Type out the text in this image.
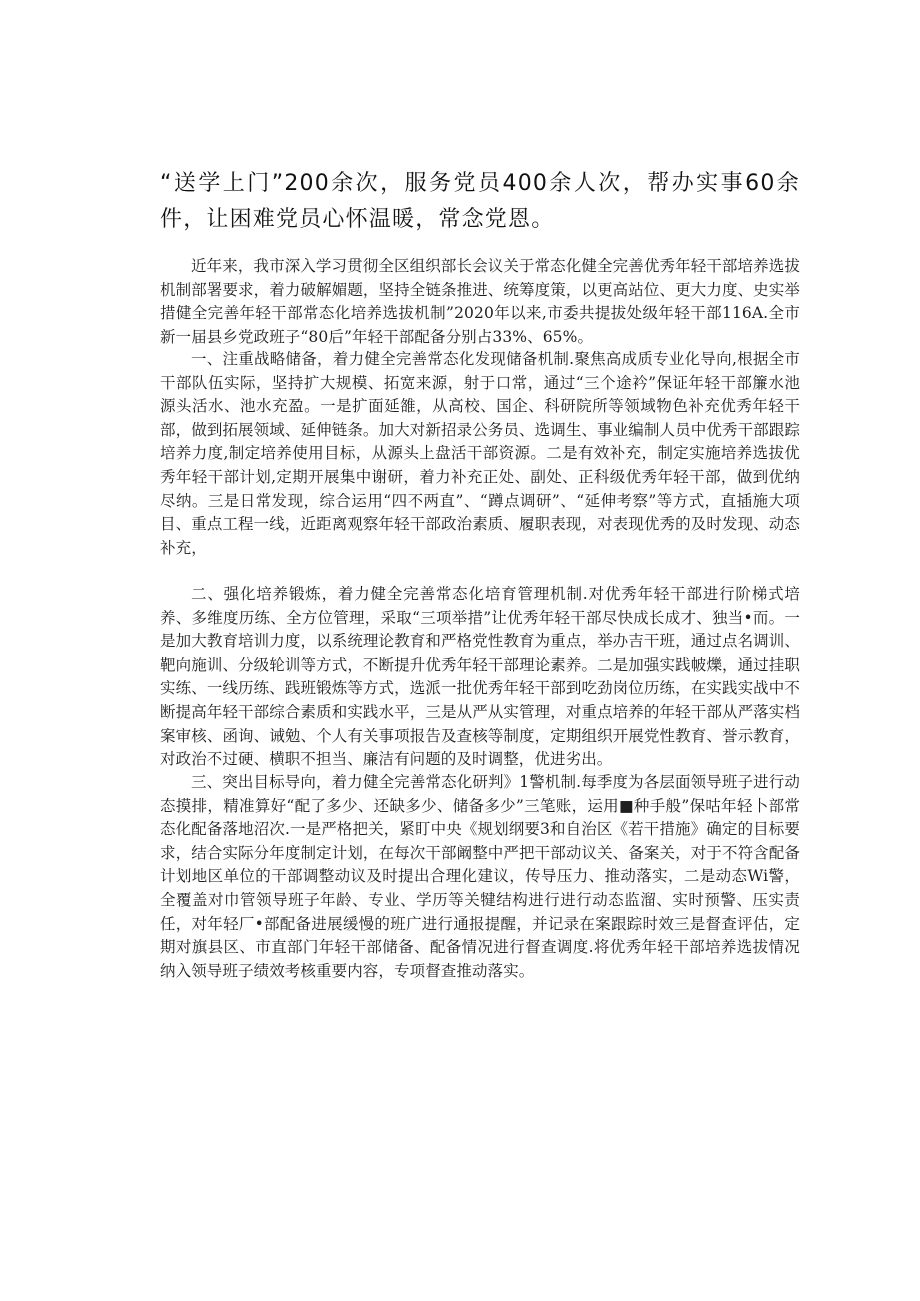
“送学上门”200余次，服务党员400余人次，帮办实事60余件，让困难党员心怀温暖，常念党恩。

近年来，我市深入学习贯彻全区组织部长会议关于常态化健全完善优秀年轻干部培养选拔机制部署要求，着力破解媚题，坚持全链条推进、统筹度策，以更高站位、更大力度、史实举措健全完善年轻干部常态化培养选拔机制”2020年以来,市委共提拔处级年轻干部116A.全市新一届县乡党政班子“80后”年轻干部配备分别占33%、65%。

一、注重战略储备，着力健全完善常态化发现储备机制.聚焦高成质专业化导向,根据全市干部队伍实际，坚持扩大规模、拓宽来源，射于口常，通过“三个途衿”保证年轻干部簾水池源头活水、池水充盈。一是扩面延雒，从高校、国企、科研院所等领域物色补充优秀年轻干部，做到拓展领域、延伸链条。加大对新招录公务员、选调生、事业编制人员中优秀干部跟踪培养力度,制定培养使用目标，从源头上盘活干部资源。二是有效补充，制定实施培养选拔优秀年轻干部计划,定期开展集中谢研，着力补充正处、副处、正科级优秀年轻干部，做到优纳尽纳。三是日常发现，综合运用“四不两直”、“蹲点调研”、“延伸考察”等方式，直插施大项目、重点工程一线，近距离观察年轻干部政治素质、履职表现，对表现优秀的及时发现、动态补充，

二、强化培养锻炼，着力健全完善常态化培育管理机制.对优秀年轻干部进行阶梯式培养、多维度历练、全方位管理，采取“三项举措”让优秀年轻干部尽快成长成才、独当•而。一是加大教育培训力度，以系统理论教育和严格党性教育为重点，举办吉干班，通过点名调训、靶向施训、分级轮训等方式，不断提升优秀年轻干部理论素养。二是加强实践帔爍，通过挂职实练、一线历练、践班锻炼等方式，选派一批优秀年轻干部到吃劲岗位历练，在实践实战中不断提高年轻干部综合素质和实践水平，三是从严从实管理，对重点培养的年轻干部从严落实档案审核、函询、诫勉、个人有关事项报告及查核等制度，定期组织开展党性教育、誉示教育，对政治不过硬、横职不担当、廉洁有问题的及时调整，优进劣出。

三、突出目标导向，着力健全完善常态化研判》1警机制.每季度为各层面领导班子进行动态摸排，精准算好“配了多少、还缺多少、储备多少”三笔账，运用■种手般”保咕年轻卜部常态化配备落地沼次.一是严格把关，紧盯中央《规划纲要3和自治区《若干措施》确定的目标要求，结合实际分年度制定计划，在每次干部阚整中严把干部动议关、备案关，对于不符含配备计划地区单位的干部调整动议及时提出合理化建议，传导压力、推动落实，二是动态Wi警，全覆盖对巾管领导班子年龄、专业、学历等关犍结构进行进行动态监溜、实时预警、压实责任，对年轻厂•部配备进展缓慢的班广进行通报提醒，并记录在案跟踪时效三是督查评估，定期对旗县区、市直部门年轻干部储备、配备情况进行督查调度.将优秀年轻干部培养选拔情况纳入领导班子绩效考核重要内容，专项督查推动落实。
